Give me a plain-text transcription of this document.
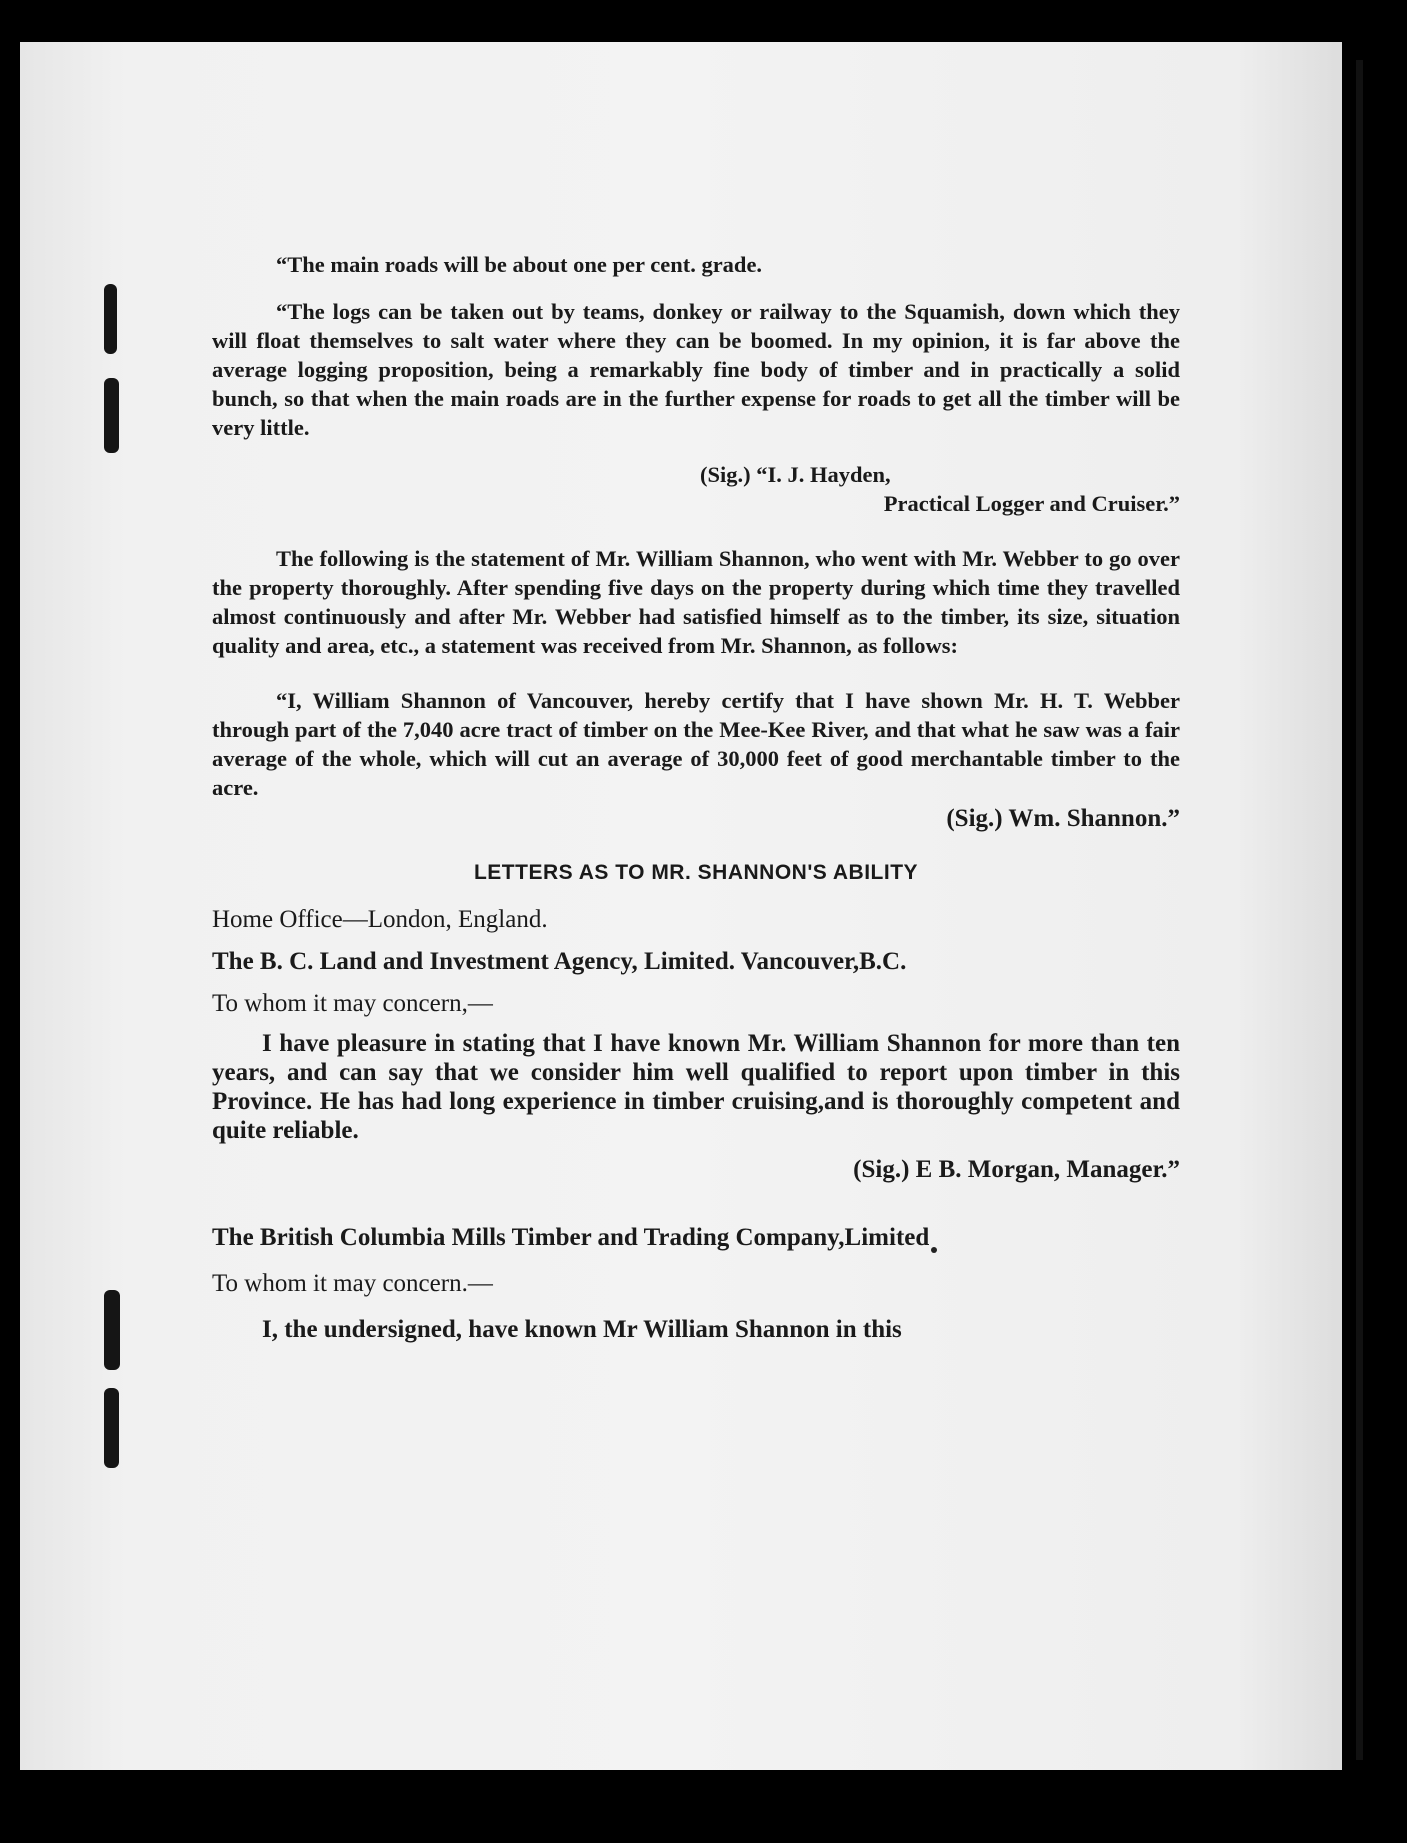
“The main roads will be about one per cent. grade.

“The logs can be taken out by teams, donkey or railway to the Squamish, down which they will float themselves to salt water where they can be boomed. In my opinion, it is far above the average logging proposition, being a remarkably fine body of timber and in practically a solid bunch, so that when the main roads are in the further expense for roads to get all the timber will be very little.

(Sig.) “I. J. Hayden,

Practical Logger and Cruiser.”

The following is the statement of Mr. William Shannon, who went with Mr. Webber to go over the property thoroughly. After spending five days on the property during which time they travelled almost continuously and after Mr. Webber had satisfied himself as to the timber, its size, situation quality and area, etc., a statement was received from Mr. Shannon, as follows:

“I, William Shannon of Vancouver, hereby certify that I have shown Mr. H. T. Webber through part of the 7,040 acre tract of timber on the Mee-Kee River, and that what he saw was a fair average of the whole, which will cut an average of 30,000 feet of good merchantable timber to the acre.

(Sig.) Wm. Shannon.”

LETTERS AS TO MR. SHANNON'S ABILITY

Home Office—London, England.

The B. C. Land and Investment Agency, Limited. Vancouver,B.C.

To whom it may concern,—

I have pleasure in stating that I have known Mr. William Shannon for more than ten years, and can say that we consider him well qualified to report upon timber in this Province. He has had long experience in timber cruising,and is thoroughly competent and quite reliable.

(Sig.) E B. Morgan, Manager.”

The British Columbia Mills Timber and Trading Company,Limited

To whom it may concern.—

I, the undersigned, have known Mr William Shannon in this
